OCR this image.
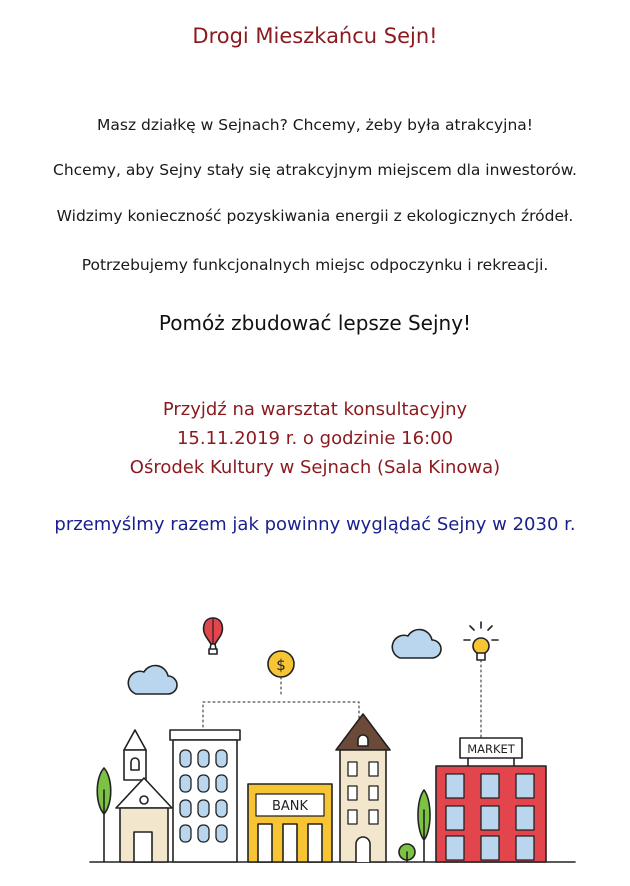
Drogi Mieszkańcu Sejn!
Masz działkę w Sejnach? Chcemy, żeby była atrakcyjna!
Chcemy, aby Sejny stały się atrakcyjnym miejscem dla inwestorów.
Widzimy konieczność pozyskiwania energii z ekologicznych źródeł.
Potrzebujemy funkcjonalnych miejsc odpoczynku i rekreacji.
Pomóż zbudować lepsze Sejny!
Przyjdź na warsztat konsultacyjny
15.11.2019 r. o godzinie 16:00
Ośrodek Kultury w Sejnach (Sala Kinowa)
przemyślmy razem jak powinny wyglądać Sejny w 2030 r.
$
BANK
MARKET
